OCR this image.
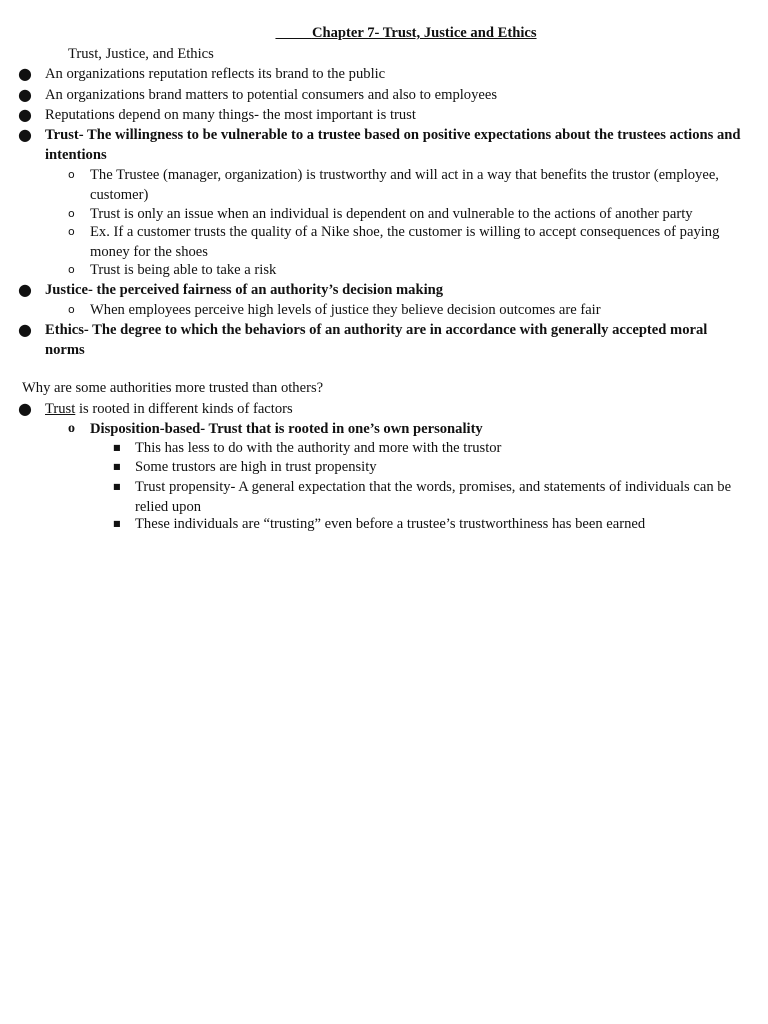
Chapter 7- Trust, Justice and Ethics
Trust, Justice, and Ethics
● An organizations reputation reflects its brand to the public
● An organizations brand matters to potential consumers and also to employees
● Reputations depend on many things- the most important is trust
● Trust- The willingness to be vulnerable to a trustee based on positive expectations about the trustees actions and intentions
o The Trustee (manager, organization) is trustworthy and will act in a way that benefits the trustor (employee, customer)
o Trust is only an issue when an individual is dependent on and vulnerable to the actions of another party
o Ex. If a customer trusts the quality of a Nike shoe, the customer is willing to accept consequences of paying money for the shoes
o Trust is being able to take a risk
● Justice- the perceived fairness of an authority’s decision making
o When employees perceive high levels of justice they believe decision outcomes are fair
● Ethics- The degree to which the behaviors of an authority are in accordance with generally accepted moral norms
Why are some authorities more trusted than others?
● Trust is rooted in different kinds of factors
o Disposition-based- Trust that is rooted in one’s own personality
■ This has less to do with the authority and more with the trustor
■ Some trustors are high in trust propensity
■ Trust propensity- A general expectation that the words, promises, and statements of individuals can be relied upon
■ These individuals are “trusting” even before a trustee’s trustworthiness has been earned
